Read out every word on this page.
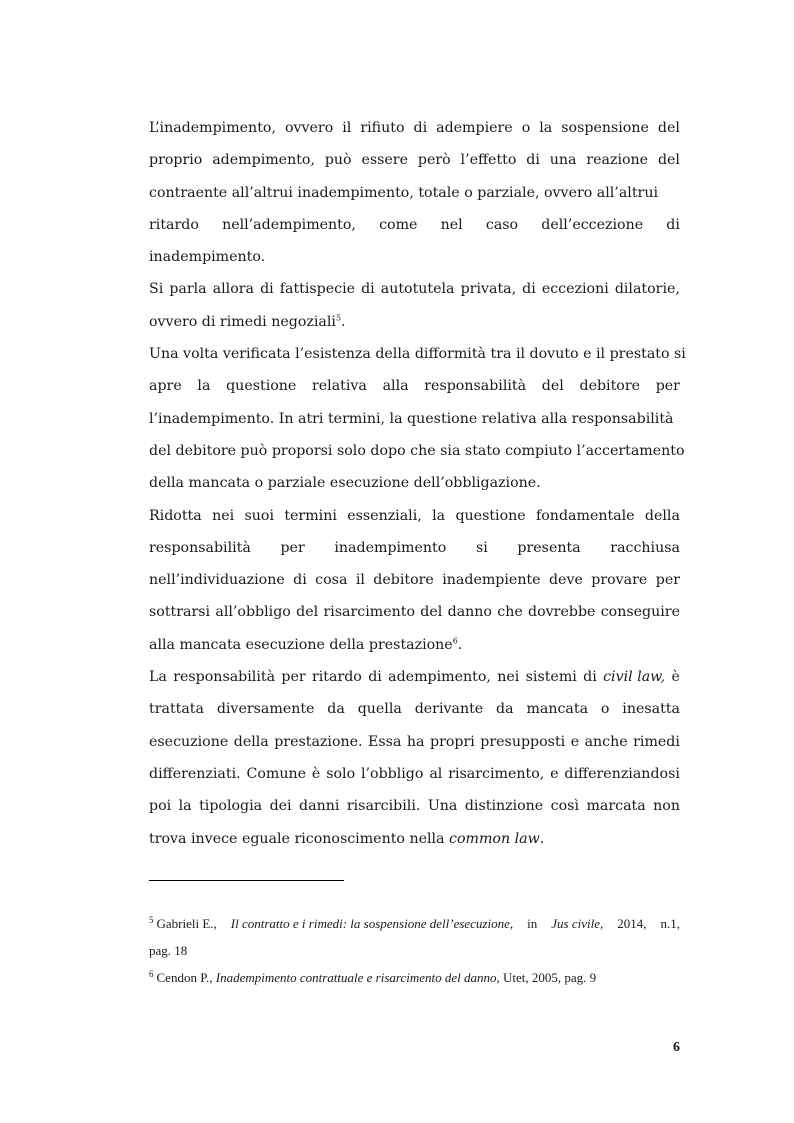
L’inadempimento, ovvero il rifiuto di adempiere o la sospensione del
proprio adempimento, può essere però l’effetto di una reazione del
contraente all’altrui inadempimento, totale o parziale, ovvero all’altrui
ritardo nell’adempimento, come nel caso dell’eccezione di
inadempimento.
Si parla allora di fattispecie di autotutela privata, di eccezioni dilatorie,
ovvero di rimedi negoziali$^5$.
Una volta verificata l’esistenza della difformità tra il dovuto e il prestato si
apre la questione relativa alla responsabilità del debitore per
l’inadempimento. In atri termini, la questione relativa alla responsabilità
del debitore può proporsi solo dopo che sia stato compiuto l’accertamento
della mancata o parziale esecuzione dell’obbligazione.
Ridotta nei suoi termini essenziali, la questione fondamentale della
responsabilità per inadempimento si presenta racchiusa
nell’individuazione di cosa il debitore inadempiente deve provare per
sottrarsi all’obbligo del risarcimento del danno che dovrebbe conseguire
alla mancata esecuzione della prestazione$^6$.
La responsabilità per ritardo di adempimento, nei sistemi di civil law, è
trattata diversamente da quella derivante da mancata o inesatta
esecuzione della prestazione. Essa ha propri presupposti e anche rimedi
differenziati. Comune è solo l’obbligo al risarcimento, e differenziandosi
poi la tipologia dei danni risarcibili. Una distinzione così marcata non
trova invece eguale riconoscimento nella common law.
$^5$ Gabrieli E., Il contratto e i rimedi: la sospensione dell’esecuzione, in Jus civile, 2014, n.1,
pag. 18
$^6$ Cendon P., Inadempimento contrattuale e risarcimento del danno, Utet, 2005, pag. 9
6
